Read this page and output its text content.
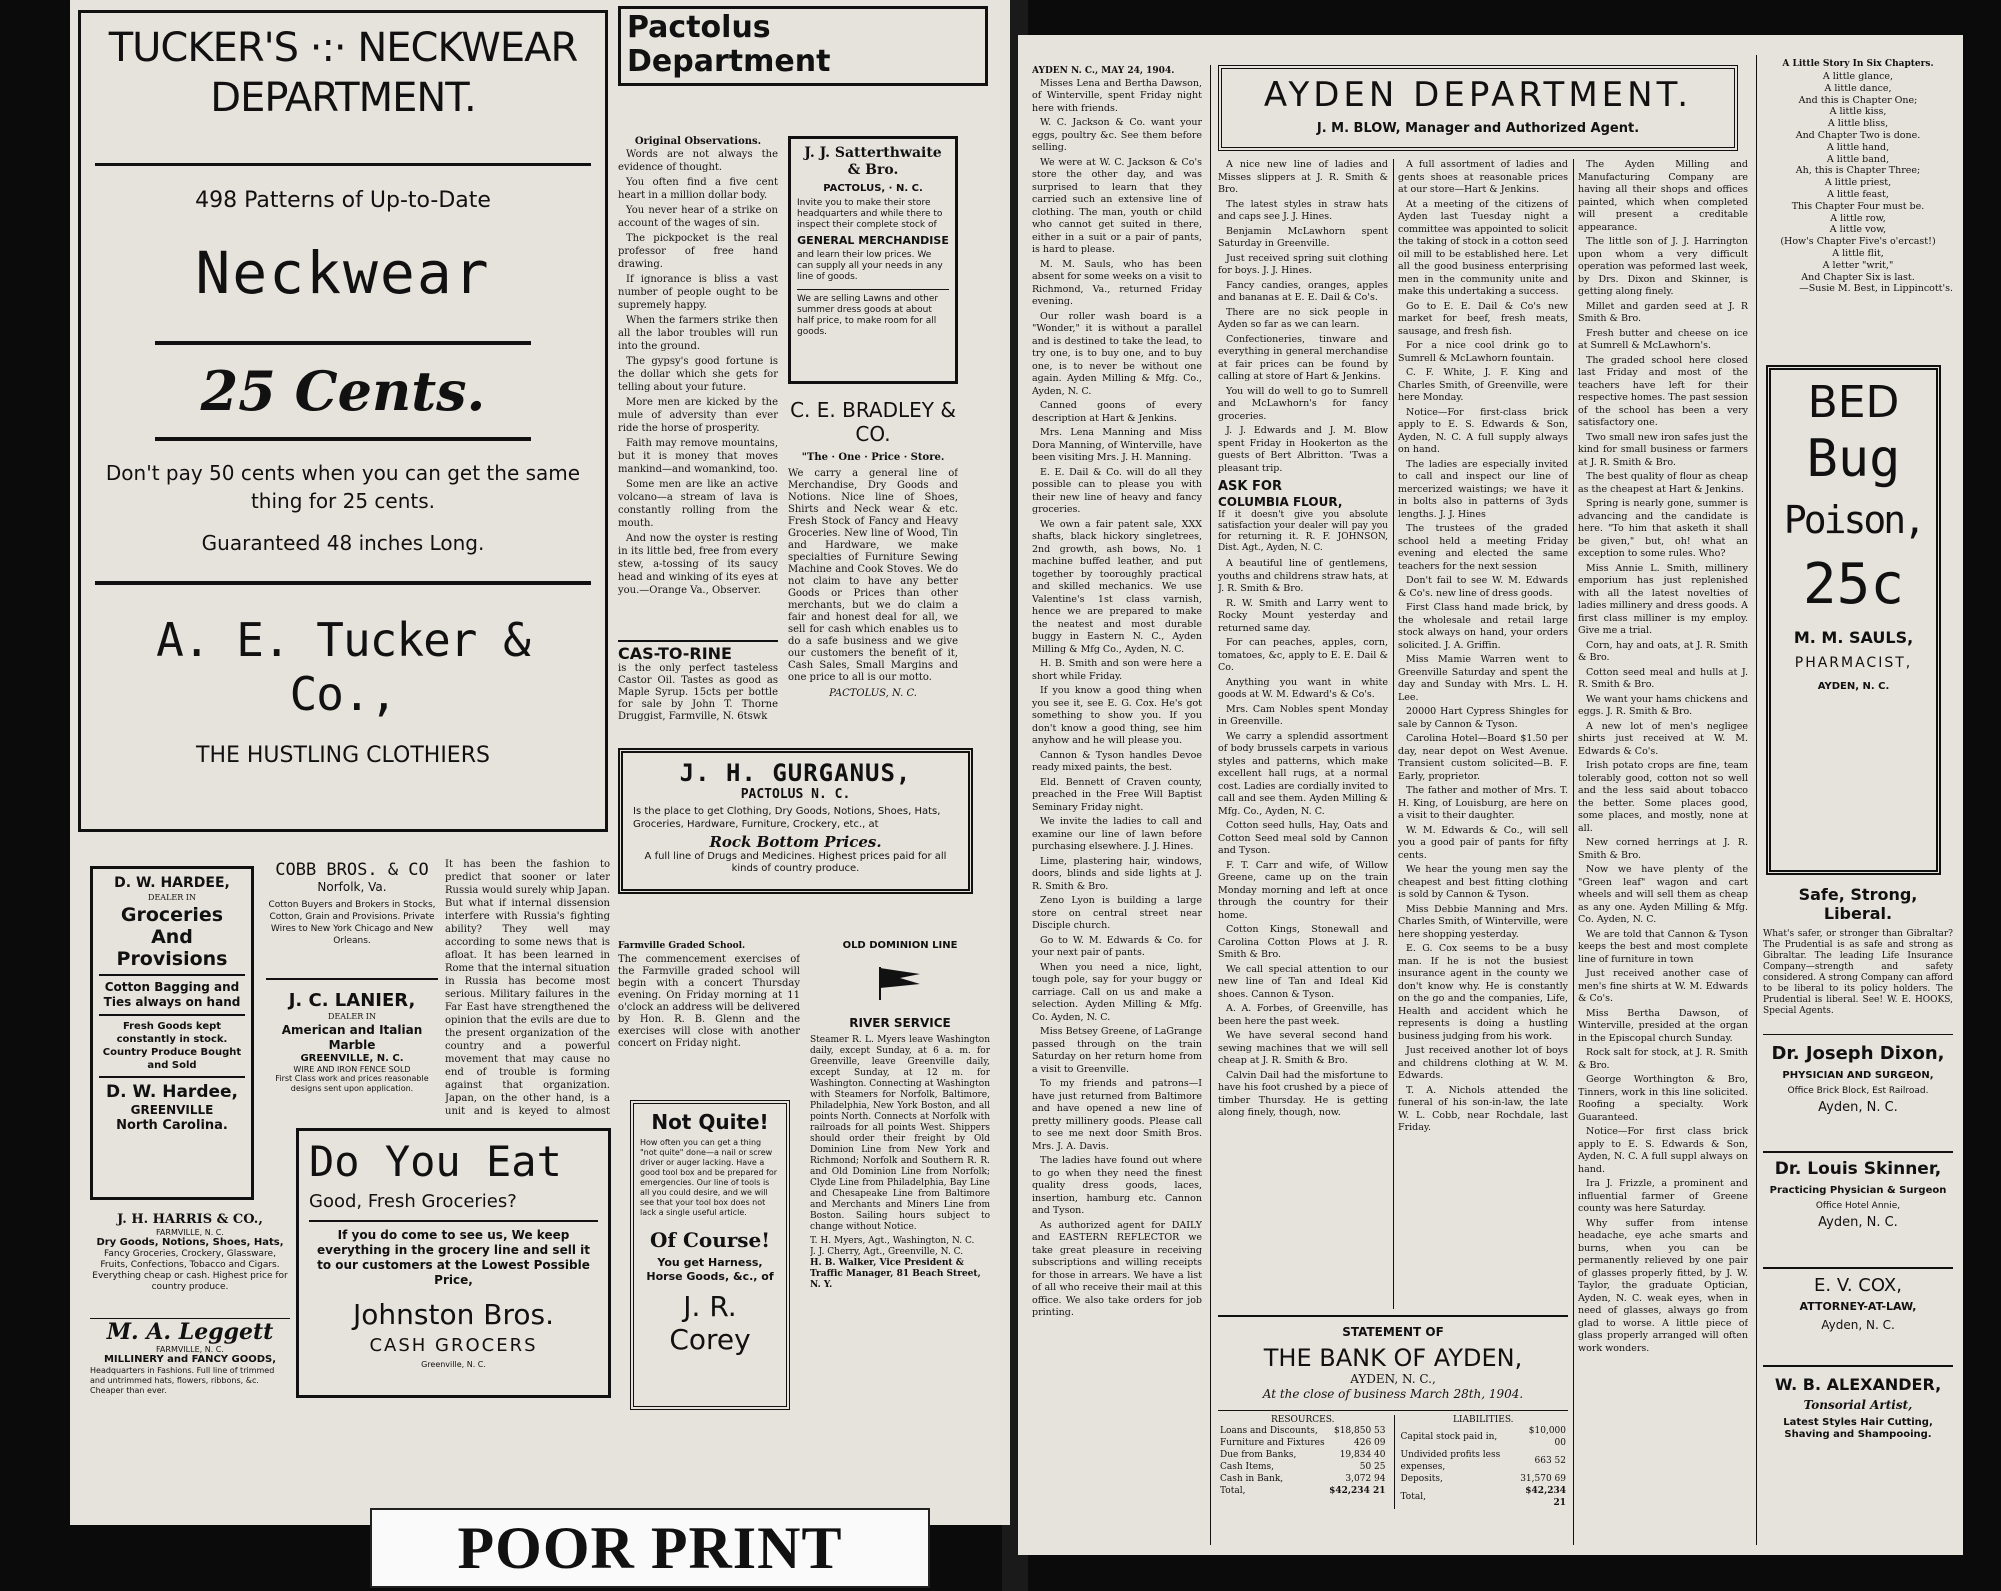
TUCKER'S ·:· NECKWEAR DEPARTMENT.
498 Patterns of Up-to-Date
Neckwear
25 Cents.
Don't pay 50 cents when you can get the same thing for 25 cents.
Guaranteed 48 inches Long.
A. E. Tucker & Co.,
THE HUSTLING CLOTHIERS
Pactolus Department
Original Observations.

Words are not always the evidence of thought.

You often find a five cent heart in a million dollar body.

You never hear of a strike on account of the wages of sin.

The pickpocket is the real professor of free hand drawing.

If ignorance is bliss a vast number of people ought to be supremely happy.

When the farmers strike then all the labor troubles will run into the ground.

The gypsy's good fortune is the dollar which she gets for telling about your future.

More men are kicked by the mule of adversity than ever ride the horse of prosperity.

Faith may remove mountains, but it is money that moves mankind—and womankind, too.

Some men are like an active volcano—a stream of lava is constantly rolling from the mouth.

And now the oyster is resting in its little bed, free from every stew, a-tossing of its saucy head and winking of its eyes at you.—Orange Va., Observer.

CAS-TO-RINE
is the only perfect tasteless Castor Oil. Tastes as good as Maple Syrup. 15cts per bottle for sale by John T. Thorne Druggist, Farmville, N. 6tswk
J. J. Satterthwaite & Bro.
PACTOLUS, · N. C.
Invite you to make their store headquarters and while there to inspect their complete stock of
GENERAL MERCHANDISE
and learn their low prices. We can supply all your needs in any line of goods.
We are selling Lawns and other summer dress goods at about half price, to make room for all goods.
C. E. BRADLEY & CO.
"The · One · Price · Store.
We carry a general line of Merchandise, Dry Goods and Notions. Nice line of Shoes, Shirts and Neck wear & etc. Fresh Stock of Fancy and Heavy Groceries. New line of Wood, Tin and Hardware, we make specialties of Furniture Sewing Machine and Cook Stoves. We do not claim to have any better Goods or Prices than other merchants, but we do claim a fair and honest deal for all, we sell for cash which enables us to do a safe business and we give our customers the benefit of it, Cash Sales, Small Margins and one price to all is our motto.
PACTOLUS, N. C.
J. H. GURGANUS,
PACTOLUS N. C.
Is the place to get Clothing, Dry Goods, Notions, Shoes, Hats, Groceries, Hardware, Furniture, Crockery, etc., at
Rock Bottom Prices.
A full line of Drugs and Medicines. Highest prices paid for all kinds of country produce.
D. W. HARDEE,
DEALER IN
Groceries And Provisions
Cotton Bagging and Ties always on hand
Fresh Goods kept constantly in stock. Country Produce Bought and Sold
D. W. Hardee,
GREENVILLE
North Carolina.
COBB BROS. & CO
Norfolk, Va.
Cotton Buyers and Brokers in Stocks, Cotton, Grain and Provisions. Private Wires to New York Chicago and New Orleans.
J. C. LANIER,
DEALER IN
American and Italian Marble
GREENVILLE, N. C.
WIRE AND IRON FENCE SOLD
First Class work and prices reasonable designs sent upon application.
It has been the fashion to predict that sooner or later Russia would surely whip Japan. But what if internal dissension interfere with Russia's fighting ability? They well may according to some news that is afloat. It has been learned in Rome that the internal situation in Russia has become most serious. Military failures in the Far East have strengthened the opinion that the evils are due to the present organization of the country and a powerful movement that may cause no end of trouble is forming against that organization. Japan, on the other hand, is a unit and is keyed to almost
J. H. HARRIS & CO.,
FARMVILLE, N. C.
Dry Goods, Notions, Shoes, Hats,
Fancy Groceries, Crockery, Glassware, Fruits, Confections, Tobacco and Cigars. Everything cheap or cash. Highest price for country produce.
M. A. Leggett
FARMVILLE, N. C.
MILLINERY and FANCY GOODS,
Headquarters in Fashions. Full line of trimmed and untrimmed hats, flowers, ribbons, &c. Cheaper than ever.
Do You Eat
Good, Fresh Groceries?
If you do come to see us, We keep everything in the grocery line and sell it to our customers at the Lowest Possible Price,
Johnston Bros.
CASH GROCERS
Greenville, N. C.
Farmville Graded School.
The commencement exercises of the Farmville graded school will begin with a concert Thursday evening. On Friday morning at 11 o'clock an address will be delivered by Hon. R. B. Glenn and the exercises will close with another concert on Friday night.
Not Quite!
How often you can get a thing "not quite" done—a nail or screw driver or auger lacking. Have a good tool box and be prepared for emergencies. Our line of tools is all you could desire, and we will see that your tool box does not lack a single useful article.
Of Course!
You get Harness, Horse Goods, &c., of
J. R. Corey
OLD DOMINION LINE
RIVER SERVICE
Steamer R. L. Myers leave Washington daily, except Sunday, at 6 a. m. for Greenville, leave Greenville daily, except Sunday, at 12 m. for Washington. Connecting at Washington with Steamers for Norfolk, Baltimore, Philadelphia, New York Boston, and all points North. Connects at Norfolk with railroads for all points West. Shippers should order their freight by Old Dominion Line from New York and Richmond; Norfolk and Southern R. R. and Old Dominion Line from Norfolk; Clyde Line from Philadelphia, Bay Line and Chesapeake Line from Baltimore and Merchants and Miners Line from Boston. Sailing hours subject to change without Notice.
T. H. Myers, Agt., Washington, N. C.
J. J. Cherry, Agt., Greenville, N. C.
H. B. Walker, Vice President & Traffic Manager, 81 Beach Street, N. Y.
AYDEN N. C., MAY 24, 1904.

Misses Lena and Bertha Dawson, of Winterville, spent Friday night here with friends.

W. C. Jackson & Co. want your eggs, poultry &c. See them before selling.

We were at W. C. Jackson & Co's store the other day, and was surprised to learn that they carried such an extensive line of clothing. The man, youth or child who cannot get suited in there, either in a suit or a pair of pants, is hard to please.

M. M. Sauls, who has been absent for some weeks on a visit to Richmond, Va., returned Friday evening.

Our roller wash board is a "Wonder," it is without a parallel and is destined to take the lead, to try one, is to buy one, and to buy one, is to never be without one again. Ayden Milling & Mfg. Co., Ayden, N. C.

Canned goons of every description at Hart & Jenkins.

Mrs. Lena Manning and Miss Dora Manning, of Winterville, have been visiting Mrs. J. H. Manning.

E. E. Dail & Co. will do all they possible can to please you with their new line of heavy and fancy groceries.

We own a fair patent sale, XXX shafts, black hickory singletrees, 2nd growth, ash bows, No. 1 machine buffed leather, and put together by tooroughly practical and skilled mechanics. We use Valentine's 1st class varnish, hence we are prepared to make the neatest and most durable buggy in Eastern N. C., Ayden Milling & Mfg Co., Ayden, N. C.

H. B. Smith and son were here a short while Friday.

If you know a good thing when you see it, see E. G. Cox. He's got something to show you. If you don't know a good thing, see him anyhow and he will please you.

Cannon & Tyson handles Devoe ready mixed paints, the best.

Eld. Bennett of Craven county, preached in the Free Will Baptist Seminary Friday night.

We invite the ladies to call and examine our line of lawn before purchasing elsewhere. J. J. Hines.

Lime, plastering hair, windows, doors, blinds and side lights at J. R. Smith & Bro.

Zeno Lyon is building a large store on central street near Disciple church.

Go to W. M. Edwards & Co. for your next pair of pants.

When you need a nice, light, tough pole, say for your buggy or carriage. Call on us and make a selection. Ayden Milling & Mfg. Co. Ayden, N. C.

Miss Betsey Greene, of LaGrange passed through on the train Saturday on her return home from a visit to Greenville.

To my friends and patrons—I have just returned from Baltimore and have opened a new line of pretty millinery goods. Please call to see me next door Smith Bros. Mrs. J. A. Davis.

The ladies have found out where to go when they need the finest quality dress goods, laces, insertion, hamburg etc. Cannon and Tyson.

As authorized agent for DAILY and EASTERN REFLECTOR we take great pleasure in receiving subscriptions and willing receipts for those in arrears. We have a list of all who receive their mail at this office. We also take orders for job printing.

AYDEN DEPARTMENT.
J. M. BLOW, Manager and Authorized Agent.

A nice new line of ladies and Misses slippers at J. R. Smith & Bro.

The latest styles in straw hats and caps see J. J. Hines.

Benjamin McLawhorn spent Saturday in Greenville.

Just received spring suit clothing for boys. J. J. Hines.

Fancy candies, oranges, apples and bananas at E. E. Dail & Co's.

There are no sick people in Ayden so far as we can learn.

Confectioneries, tinware and everything in general merchandise at fair prices can be found by calling at store of Hart & Jenkins.

You will do well to go to Sumrell and McLawhorn's for fancy groceries.

J. J. Edwards and J. M. Blow spent Friday in Hookerton as the guests of Bert Albritton. 'Twas a pleasant trip.

ASK FOR
COLUMBIA FLOUR,
If it doesn't give you absolute satisfaction your dealer will pay you for returning it. R. F. JOHNSON, Dist. Agt., Ayden, N. C.

A beautiful line of gentlemens, youths and childrens straw hats, at J. R. Smith & Bro.

R. W. Smith and Larry went to Rocky Mount yesterday and returned same day.

For can peaches, apples, corn, tomatoes, &c, apply to E. E. Dail & Co.

Anything you want in white goods at W. M. Edward's & Co's.

Mrs. Cam Nobles spent Monday in Greenville.

We carry a splendid assortment of body brussels carpets in various styles and patterns, which make excellent hall rugs, at a normal cost. Ladies are cordially invited to call and see them. Ayden Milling & Mfg. Co., Ayden, N. C.

Cotton seed hulls, Hay, Oats and Cotton Seed meal sold by Cannon and Tyson.

F. T. Carr and wife, of Willow Greene, came up on the train Monday morning and left at once through the country for their home.

Cotton Kings, Stonewall and Carolina Cotton Plows at J. R. Smith & Bro.

We call special attention to our new line of Tan and Ideal Kid shoes. Cannon & Tyson.

A. A. Forbes, of Greenville, has been here the past week.

We have several second hand sewing machines that we will sell cheap at J. R. Smith & Bro.

Calvin Dail had the misfortune to have his foot crushed by a piece of timber Thursday. He is getting along finely, though, now.

A full assortment of ladies and gents shoes at reasonable prices at our store—Hart & Jenkins.

At a meeting of the citizens of Ayden last Tuesday night a committee was appointed to solicit the taking of stock in a cotton seed oil mill to be established here. Let all the good business enterprising men in the community unite and make this undertaking a success.

Go to E. E. Dail & Co's new market for beef, fresh meats, sausage, and fresh fish.

For a nice cool drink go to Sumrell & McLawhorn fountain.

C. F. White, J. F. King and Charles Smith, of Greenville, were here Monday.

Notice—For first-class brick apply to E. S. Edwards & Son, Ayden, N. C. A full supply always on hand.

The ladies are especially invited to call and inspect our line of mercerized waistings; we have it in bolts also in patterns of 3yds lengths. J. J. Hines

The trustees of the graded school held a meeting Friday evening and elected the same teachers for the next session

Don't fail to see W. M. Edwards & Co's. new line of dress goods.

First Class hand made brick, by the wholesale and retail large stock always on hand, your orders solicited. J. A. Griffin.

Miss Mamie Warren went to Greenville Saturday and spent the day and Sunday with Mrs. L. H. Lee.

20000 Hart Cypress Shingles for sale by Cannon & Tyson.

Carolina Hotel—Board $1.50 per day, near depot on West Avenue. Transient custom solicited—B. F. Early, proprietor.

The father and mother of Mrs. T. H. King, of Louisburg, are here on a visit to their daughter.

W. M. Edwards & Co., will sell you a good pair of pants for fifty cents.

We hear the young men say the cheapest and best fitting clothing is sold by Cannon & Tyson.

Miss Debbie Manning and Mrs. Charles Smith, of Winterville, were here shopping yesterday.

E. G. Cox seems to be a busy man. If he is not the busiest insurance agent in the county we don't know why. He is constantly on the go and the companies, Life, Health and accident which he represents is doing a hustling business judging from his work.

Just received another lot of boys and childrens clothing at W. M. Edwards.

T. A. Nichols attended the funeral of his son-in-law, the late W. L. Cobb, near Rochdale, last Friday.

The Ayden Milling and Manufacturing Company are having all their shops and offices painted, which when completed will present a creditable appearance.

The little son of J. J. Harrington upon whom a very difficult operation was peformed last week, by Drs. Dixon and Skinner, is getting along finely.

Millet and garden seed at J. R Smith & Bro.

Fresh butter and cheese on ice at Sumrell & McLawhorn's.

The graded school here closed last Friday and most of the teachers have left for their respective homes. The past session of the school has been a very satisfactory one.

Two small new iron safes just the kind for small business or farmers at J. R. Smith & Bro.

The best quality of flour as cheap as the cheapest at Hart & Jenkins.

Spring is nearly gone, summer is advancing and the candidate is here. "To him that asketh it shall be given," but, oh! what an exception to some rules. Who?

Miss Annie L. Smith, millinery emporium has just replenished with all the latest novelties of ladies millinery and dress goods. A first class milliner is my employ. Give me a trial.

Corn, hay and oats, at J. R. Smith & Bro.

Cotton seed meal and hulls at J. R. Smith & Bro.

We want your hams chickens and eggs. J. R. Smith & Bro.

A new lot of men's negligee shirts just received at W. M. Edwards & Co's.

Irish potato crops are fine, team tolerably good, cotton not so well and the less said about tobacco the better. Some places good, some places, and mostly, none at all.

New corned herrings at J. R. Smith & Bro.

Now we have plenty of the "Green leaf" wagon and cart wheels and will sell them as cheap as any one. Ayden Milling & Mfg. Co. Ayden, N. C.

We are told that Cannon & Tyson keeps the best and most complete line of furniture in town

Just received another case of men's fine shirts at W. M. Edwards & Co's.

Miss Bertha Dawson, of Winterville, presided at the organ in the Episcopal church Sunday.

Rock salt for stock, at J. R. Smith & Bro.

George Worthington & Bro, Tinners, work in this line solicited. Roofing a specialty. Work Guaranteed.

Notice—For first class brick apply to E. S. Edwards & Son, Ayden, N. C. A full suppl always on hand.

Ira J. Frizzle, a prominent and influential farmer of Greene county was here Saturday.

Why suffer from intense headache, eye ache smarts and burns, when you can be permanently relieved by one pair of glasses properly fitted, by J. W. Taylor, the graduate Optician, Ayden, N. C. weak eyes, when in need of glasses, always go from glad to worse. A little piece of glass properly arranged will often work wonders.

STATEMENT OF
THE BANK OF AYDEN,
AYDEN, N. C.,
At the close of business March 28th, 1904.
RESOURCES.
Loans and Discounts,	$18,850 53
Furniture and Fixtures	426 09
Due from Banks,	19,834 40
Cash Items,	50 25
Cash in Bank,	3,072 94
Total,	$42,234 21
LIABILITIES.
Capital stock paid in,	$10,000 00
Undivided profits less expenses,	663 52
Deposits,	31,570 69
Total,	$42,234 21
A Little Story In Six Chapters.
A little glance,
A little dance,
And this is Chapter One;
A little kiss,
A little bliss,
And Chapter Two is done.
A little hand,
A little band,
Ah, this is Chapter Three;
A little priest,
A little feast,
This Chapter Four must be.
A little row,
A little vow,
(How's Chapter Five's o'ercast!)
A little flit,
A letter "writ,"
And Chapter Six is last.
—Susie M. Best, in Lippincott's.
BED
Bug
Poison,
25c
M. M. SAULS,
PHARMACIST,
AYDEN, N. C.
Safe, Strong, Liberal.
What's safer, or stronger than Gibraltar? The Prudential is as safe and strong as Gibraltar. The leading Life Insurance Company—strength and safety considered. A strong Company can afford to be liberal to its policy holders. The Prudential is liberal. See! W. E. HOOKS, Special Agents.
Dr. Joseph Dixon,
PHYSICIAN AND SURGEON,
Office Brick Block, Est Railroad.
Ayden, N. C.
Dr. Louis Skinner,
Practicing Physician & Surgeon
Office Hotel Annie,
Ayden, N. C.
E. V. COX,
ATTORNEY-AT-LAW,
Ayden, N. C.
W. B. ALEXANDER,
Tonsorial Artist,
Latest Styles Hair Cutting, Shaving and Shampooing.
POOR PRINT
